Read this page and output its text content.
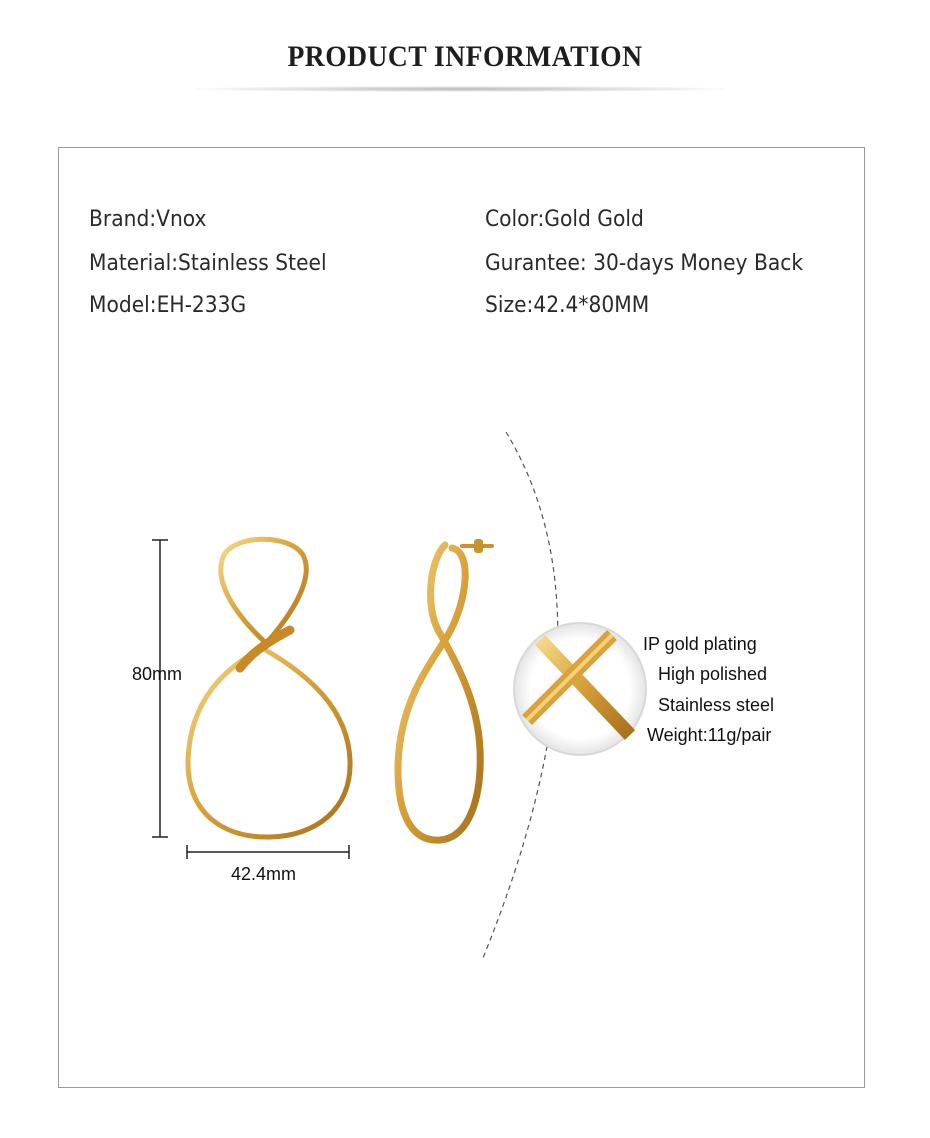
PRODUCT INFORMATION
Brand:Vnox
Material:Stainless Steel
Model:EH-233G
Color:Gold Gold
Gurantee: 30-days Money Back
Size:42.4*80MM
80mm
42.4mm
IP gold plating
High polished
Stainless steel
Weight:11g/pair
